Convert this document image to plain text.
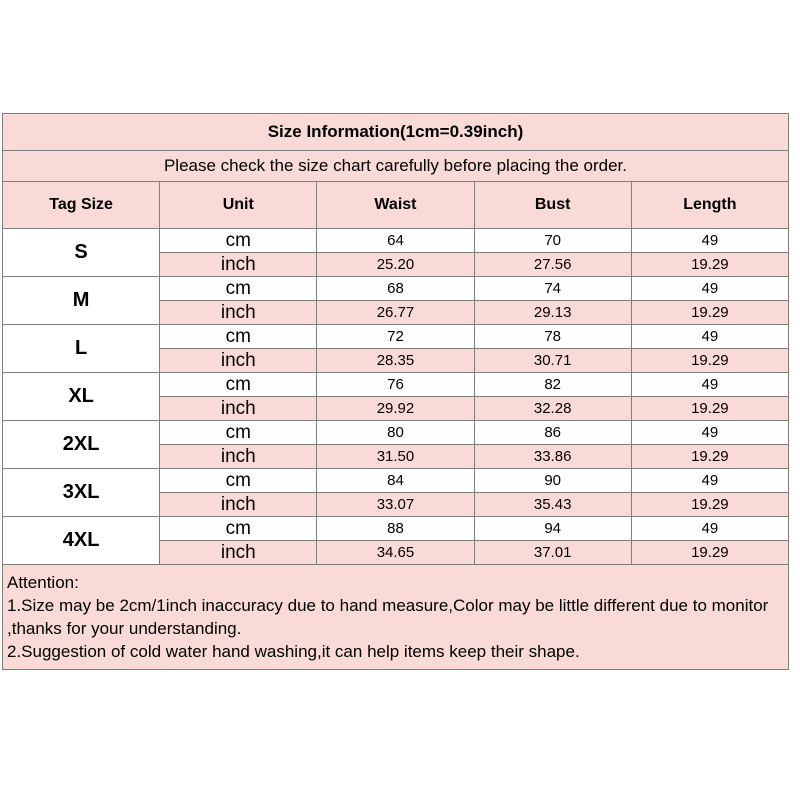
Size Information(1cm=0.39inch)				
Please check the size chart carefully before placing the order.				
Tag Size	Unit	Waist	Bust	Length
S	cm	64	70	49
	inch	25.20	27.56	19.29
M	cm	68	74	49
	inch	26.77	29.13	19.29
L	cm	72	78	49
	inch	28.35	30.71	19.29
XL	cm	76	82	49
	inch	29.92	32.28	19.29
2XL	cm	80	86	49
	inch	31.50	33.86	19.29
3XL	cm	84	90	49
	inch	33.07	35.43	19.29
4XL	cm	88	94	49
	inch	34.65	37.01	19.29
Attention:
1.Size may be 2cm/1inch inaccuracy due to hand measure,Color may be little different due to monitor
,thanks for your understanding.
2.Suggestion of cold water hand washing,it can help items keep their shape.
